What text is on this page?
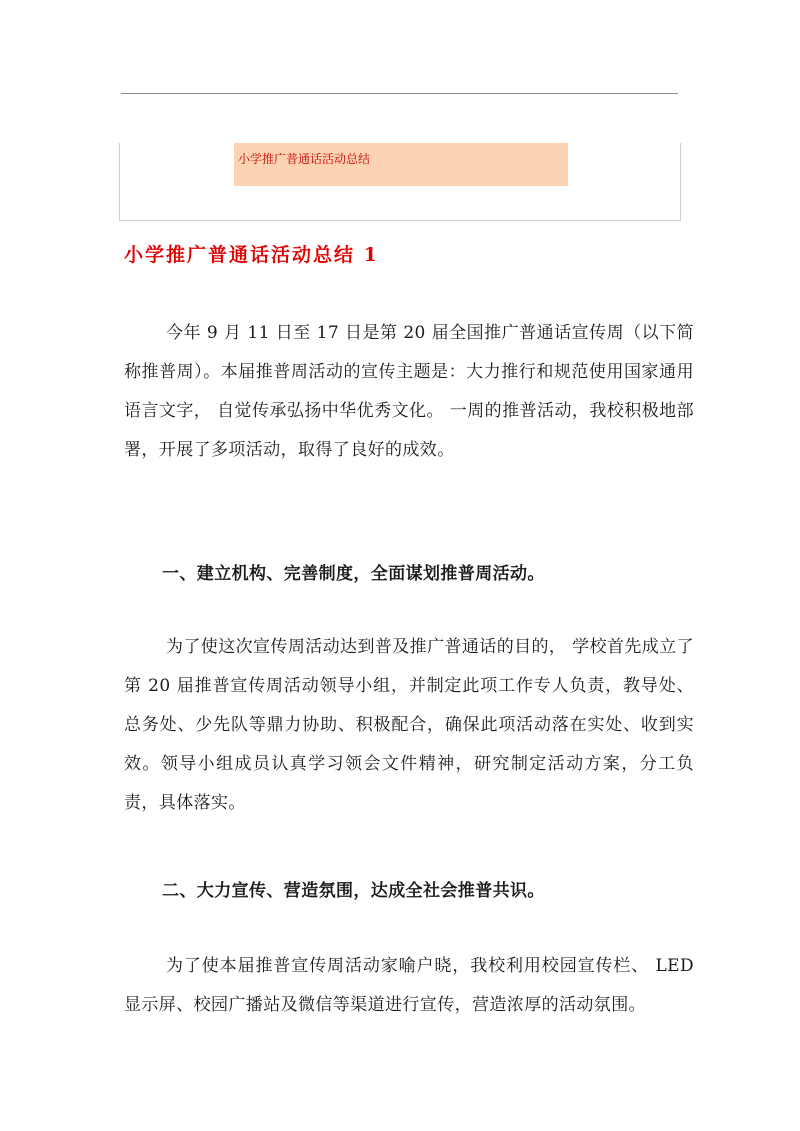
小学推广普通话活动总结
小学推广普通话活动总结 1

今年 9 月 11 日至 17 日是第 20 届全国推广普通话宣传周（以下简称推普周）。本届推普周活动的宣传主题是：大力推行和规范使用国家通用语言文字， 自觉传承弘扬中华优秀文化。 一周的推普活动，我校积极地部署，开展了多项活动，取得了良好的成效。

一、建立机构、完善制度，全面谋划推普周活动。

为了使这次宣传周活动达到普及推广普通话的目的， 学校首先成立了第 20 届推普宣传周活动领导小组，并制定此项工作专人负责，教导处、总务处、少先队等鼎力协助、积极配合，确保此项活动落在实处、收到实效。领导小组成员认真学习领会文件精神，研究制定活动方案，分工负责，具体落实。

二、大力宣传、营造氛围，达成全社会推普共识。

为了使本届推普宣传周活动家喻户晓，我校利用校园宣传栏、 LED 显示屏、校园广播站及微信等渠道进行宣传，营造浓厚的活动氛围。
